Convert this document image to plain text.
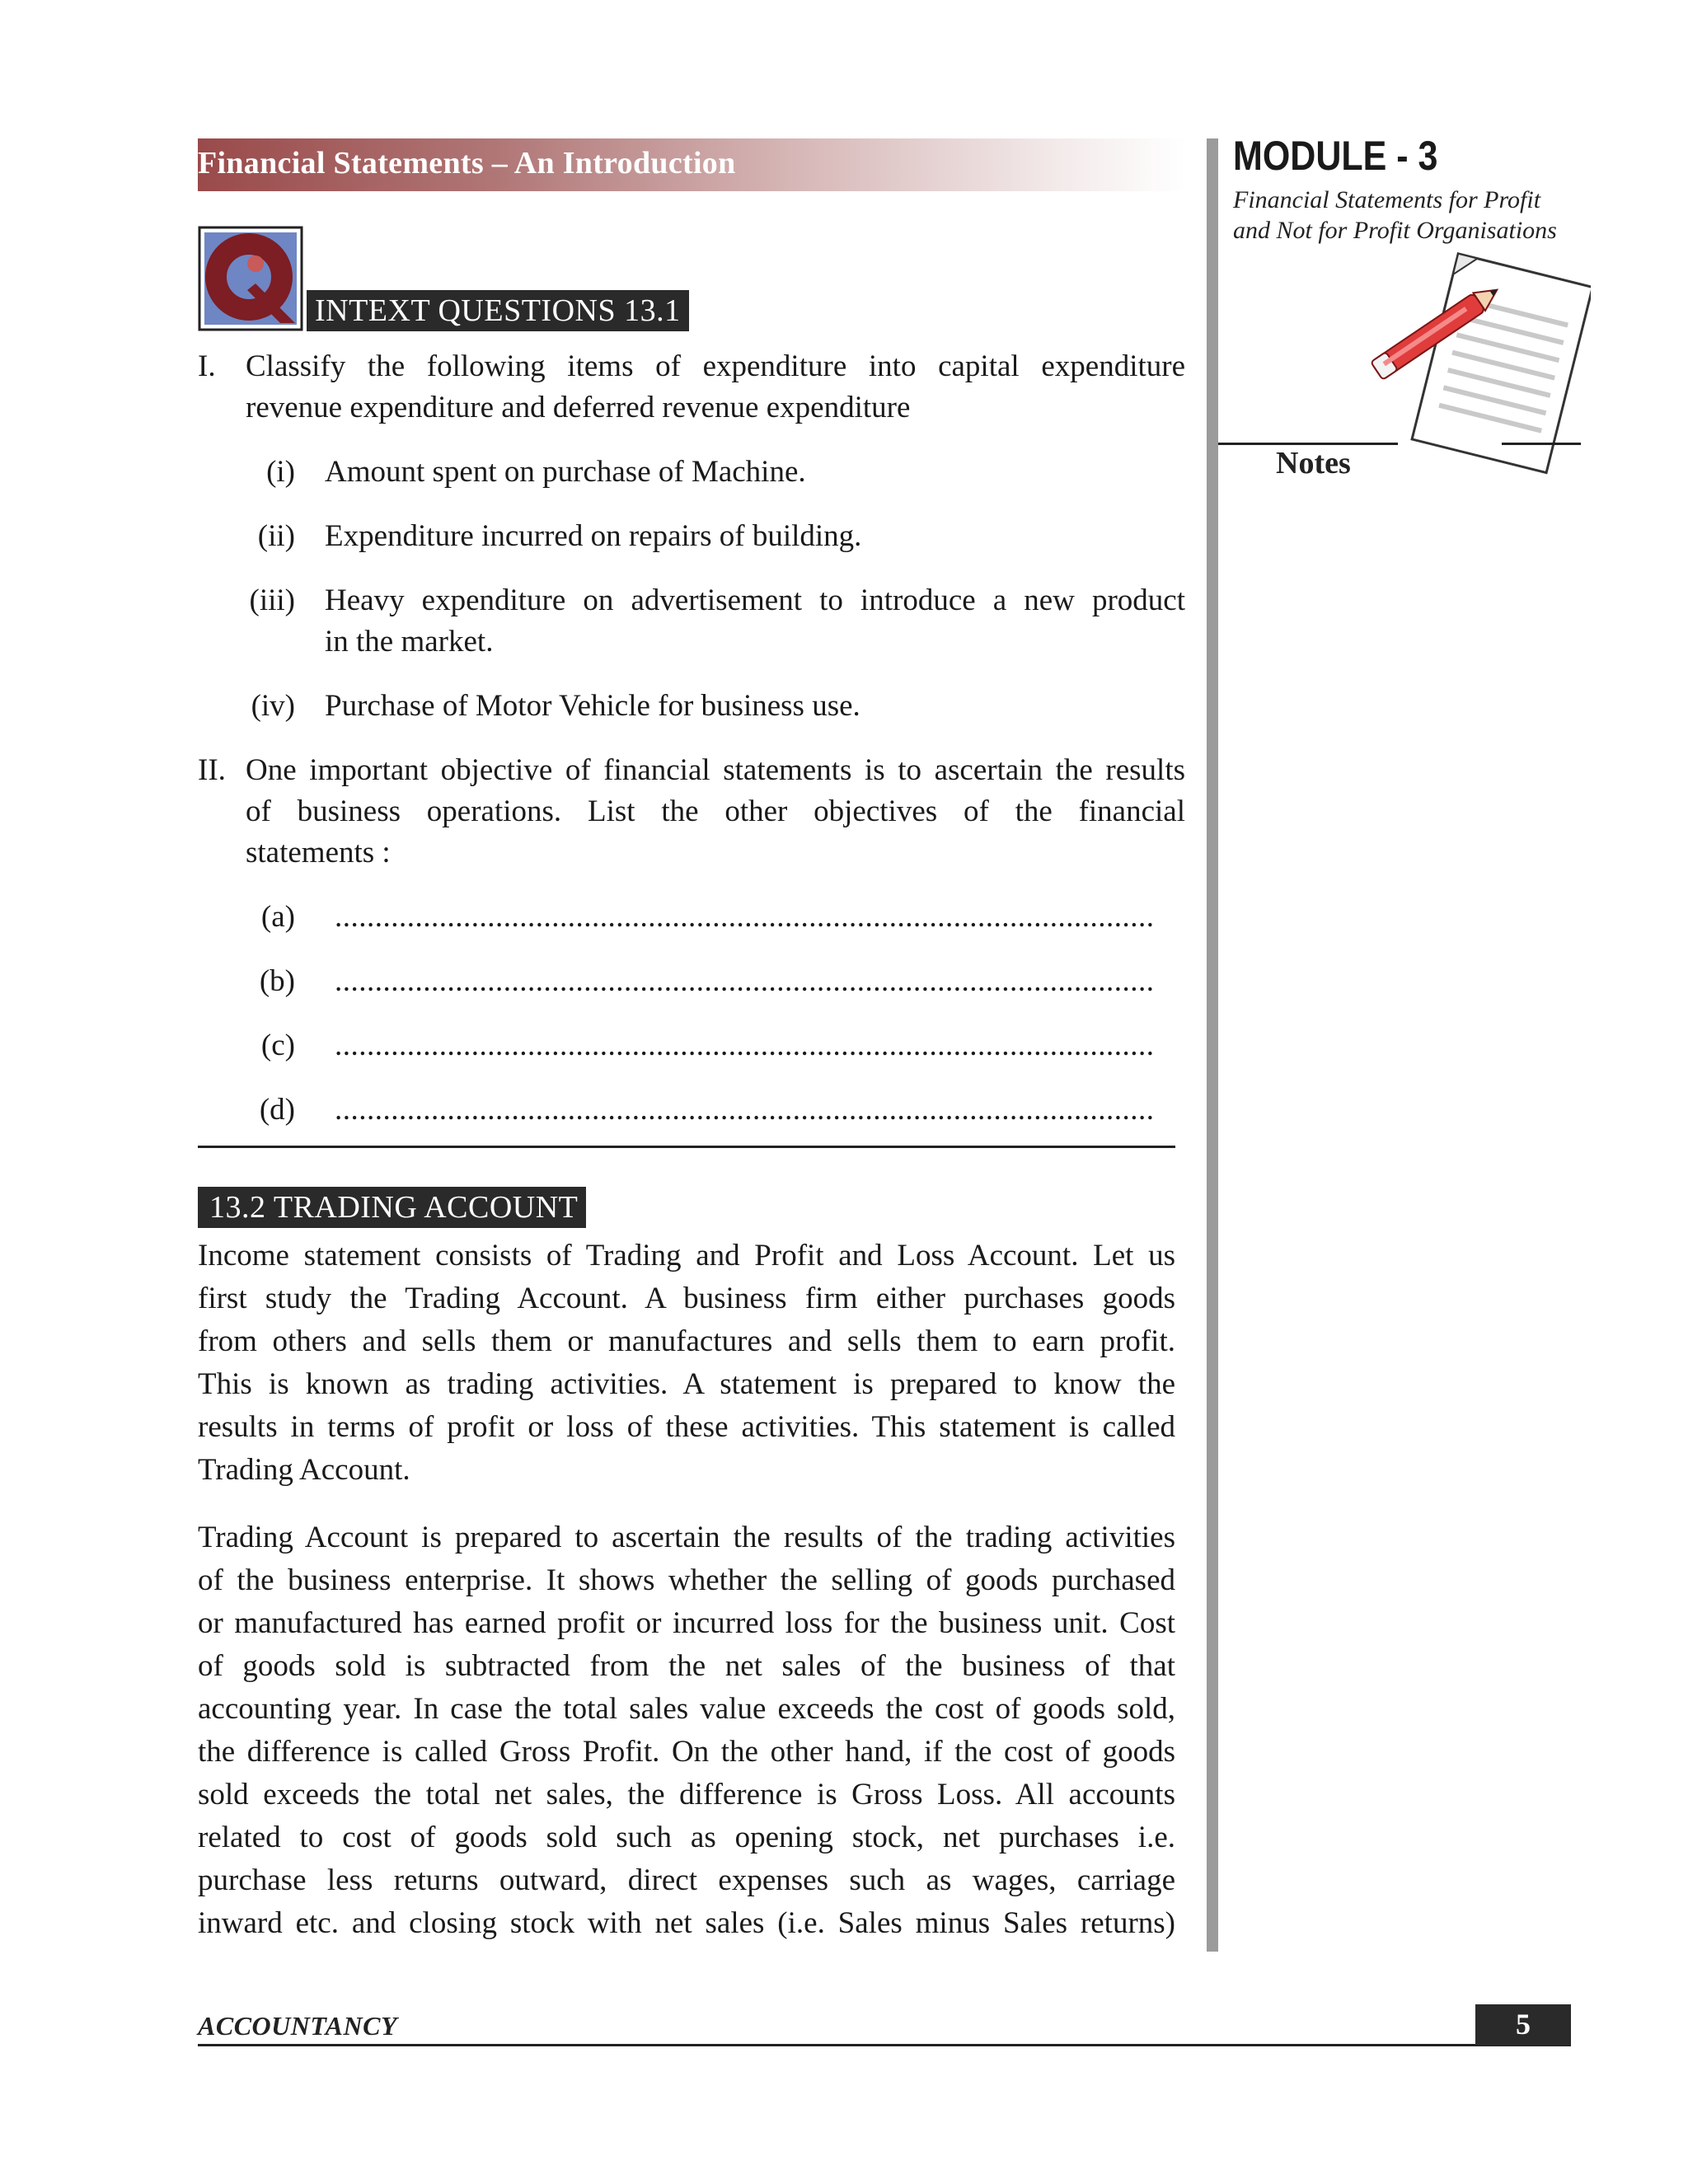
Financial Statements – An Introduction	MODULE - 3
Financial Statements for Profit
and Not for Profit Organisations
Notes
INTEXT QUESTIONS 13.1
I. Classify the following items of expenditure into capital expenditure
revenue expenditure and deferred revenue expenditure
(i) Amount spent on purchase of Machine.
(ii) Expenditure incurred on repairs of building.
(iii) Heavy expenditure on advertisement to introduce a new product
in the market.
(iv) Purchase of Motor Vehicle for business use.
II. One important objective of financial statements is to ascertain the results
of business operations. List the other objectives of the financial
statements :
(a) ......................................................................................................
(b) ......................................................................................................
(c) ......................................................................................................
(d) ......................................................................................................
13.2 TRADING ACCOUNT
Income statement consists of Trading and Profit and Loss Account. Let us
first study the Trading Account. A business firm either purchases goods
from others and sells them or manufactures and sells them to earn profit.
This is known as trading activities. A statement is prepared to know the
results in terms of profit or loss of these activities. This statement is called
Trading Account.
Trading Account is prepared to ascertain the results of the trading activities
of the business enterprise. It shows whether the selling of goods purchased
or manufactured has earned profit or incurred loss for the business unit. Cost
of goods sold is subtracted from the net sales of the business of that
accounting year. In case the total sales value exceeds the cost of goods sold,
the difference is called Gross Profit. On the other hand, if the cost of goods
sold exceeds the total net sales, the difference is Gross Loss. All accounts
related to cost of goods sold such as opening stock, net purchases i.e.
purchase less returns outward, direct expenses such as wages, carriage
inward etc. and closing stock with net sales (i.e. Sales minus Sales returns)
ACCOUNTANCY	5
